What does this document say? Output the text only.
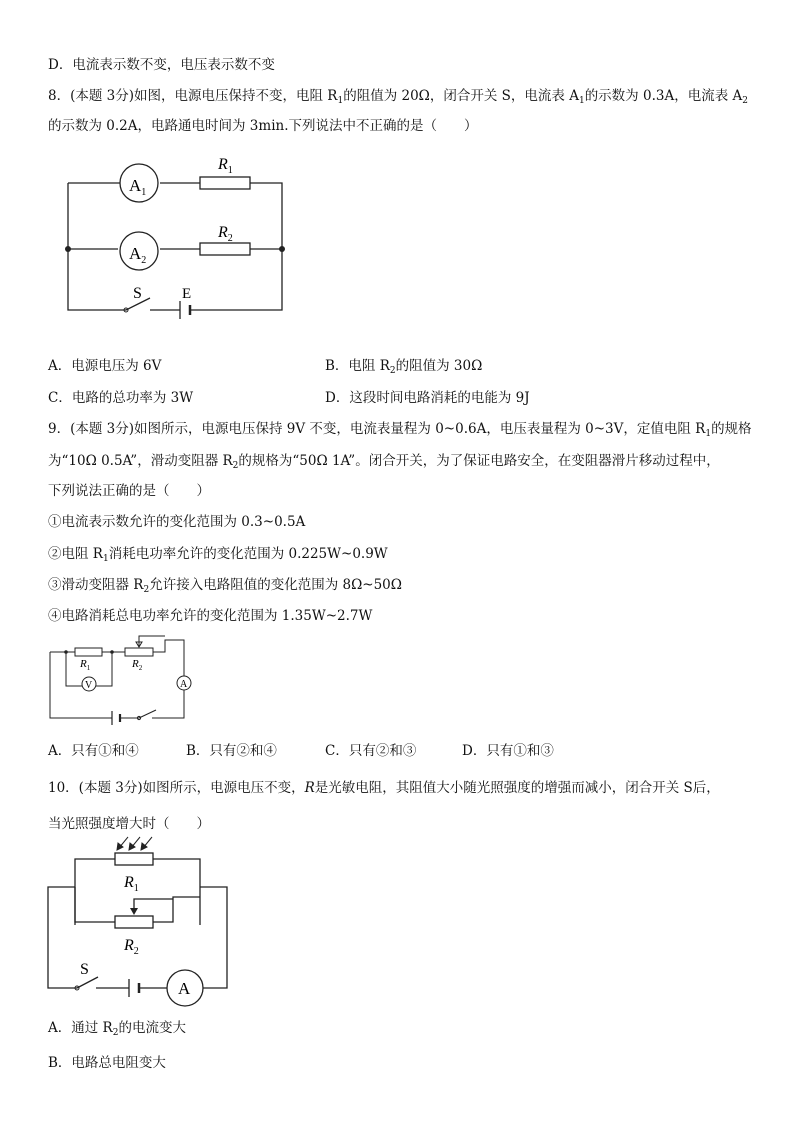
D．电流表示数不变，电压表示数不变
8．(本题 3分)如图，电源电压保持不变，电阻 $R_1$的阻值为 20Ω，闭合开关 S，电流表 $A_1$的示数为 0.3A，电流表 $A_2$
的示数为 0.2A，电路通电时间为 3min.下列说法中不正确的是（　　）
$A_1$
$A_2$
$R_1$
$R_2$
S	E
A．电源电压为 6V	B．电阻 $R_2$的阻值为 30Ω
C．电路的总功率为 3W	D．这段时间电路消耗的电能为 9J
9．(本题 3分)如图所示，电源电压保持 9V 不变，电流表量程为 0~0.6A，电压表量程为 0~3V，定值电阻 $R_1$的规格
为“10Ω 0.5A”，滑动变阻器 $R_2$的规格为“50Ω 1A”。闭合开关，为了保证电路安全，在变阻器滑片移动过程中，
下列说法正确的是（　　）
①电流表示数允许的变化范围为 0.3~0.5A
②电阻 $R_1$消耗电功率允许的变化范围为 0.225W~0.9W
③滑动变阻器 $R_2$允许接入电路阻值的变化范围为 8Ω~50Ω
④电路消耗总电功率允许的变化范围为 1.35W~2.7W
V	A
$R_1$	$R_2$
A．只有①和④	B．只有②和④	C．只有②和③	D．只有①和③
10．(本题 3分)如图所示，电源电压不变，R是光敏电阻，其阻值大小随光照强度的增强而减小，闭合开关 S后，
当光照强度增大时（　　）
$R_1$
$R_2$
S
A
A．通过 $R_2$的电流变大
B．电路总电阻变大
